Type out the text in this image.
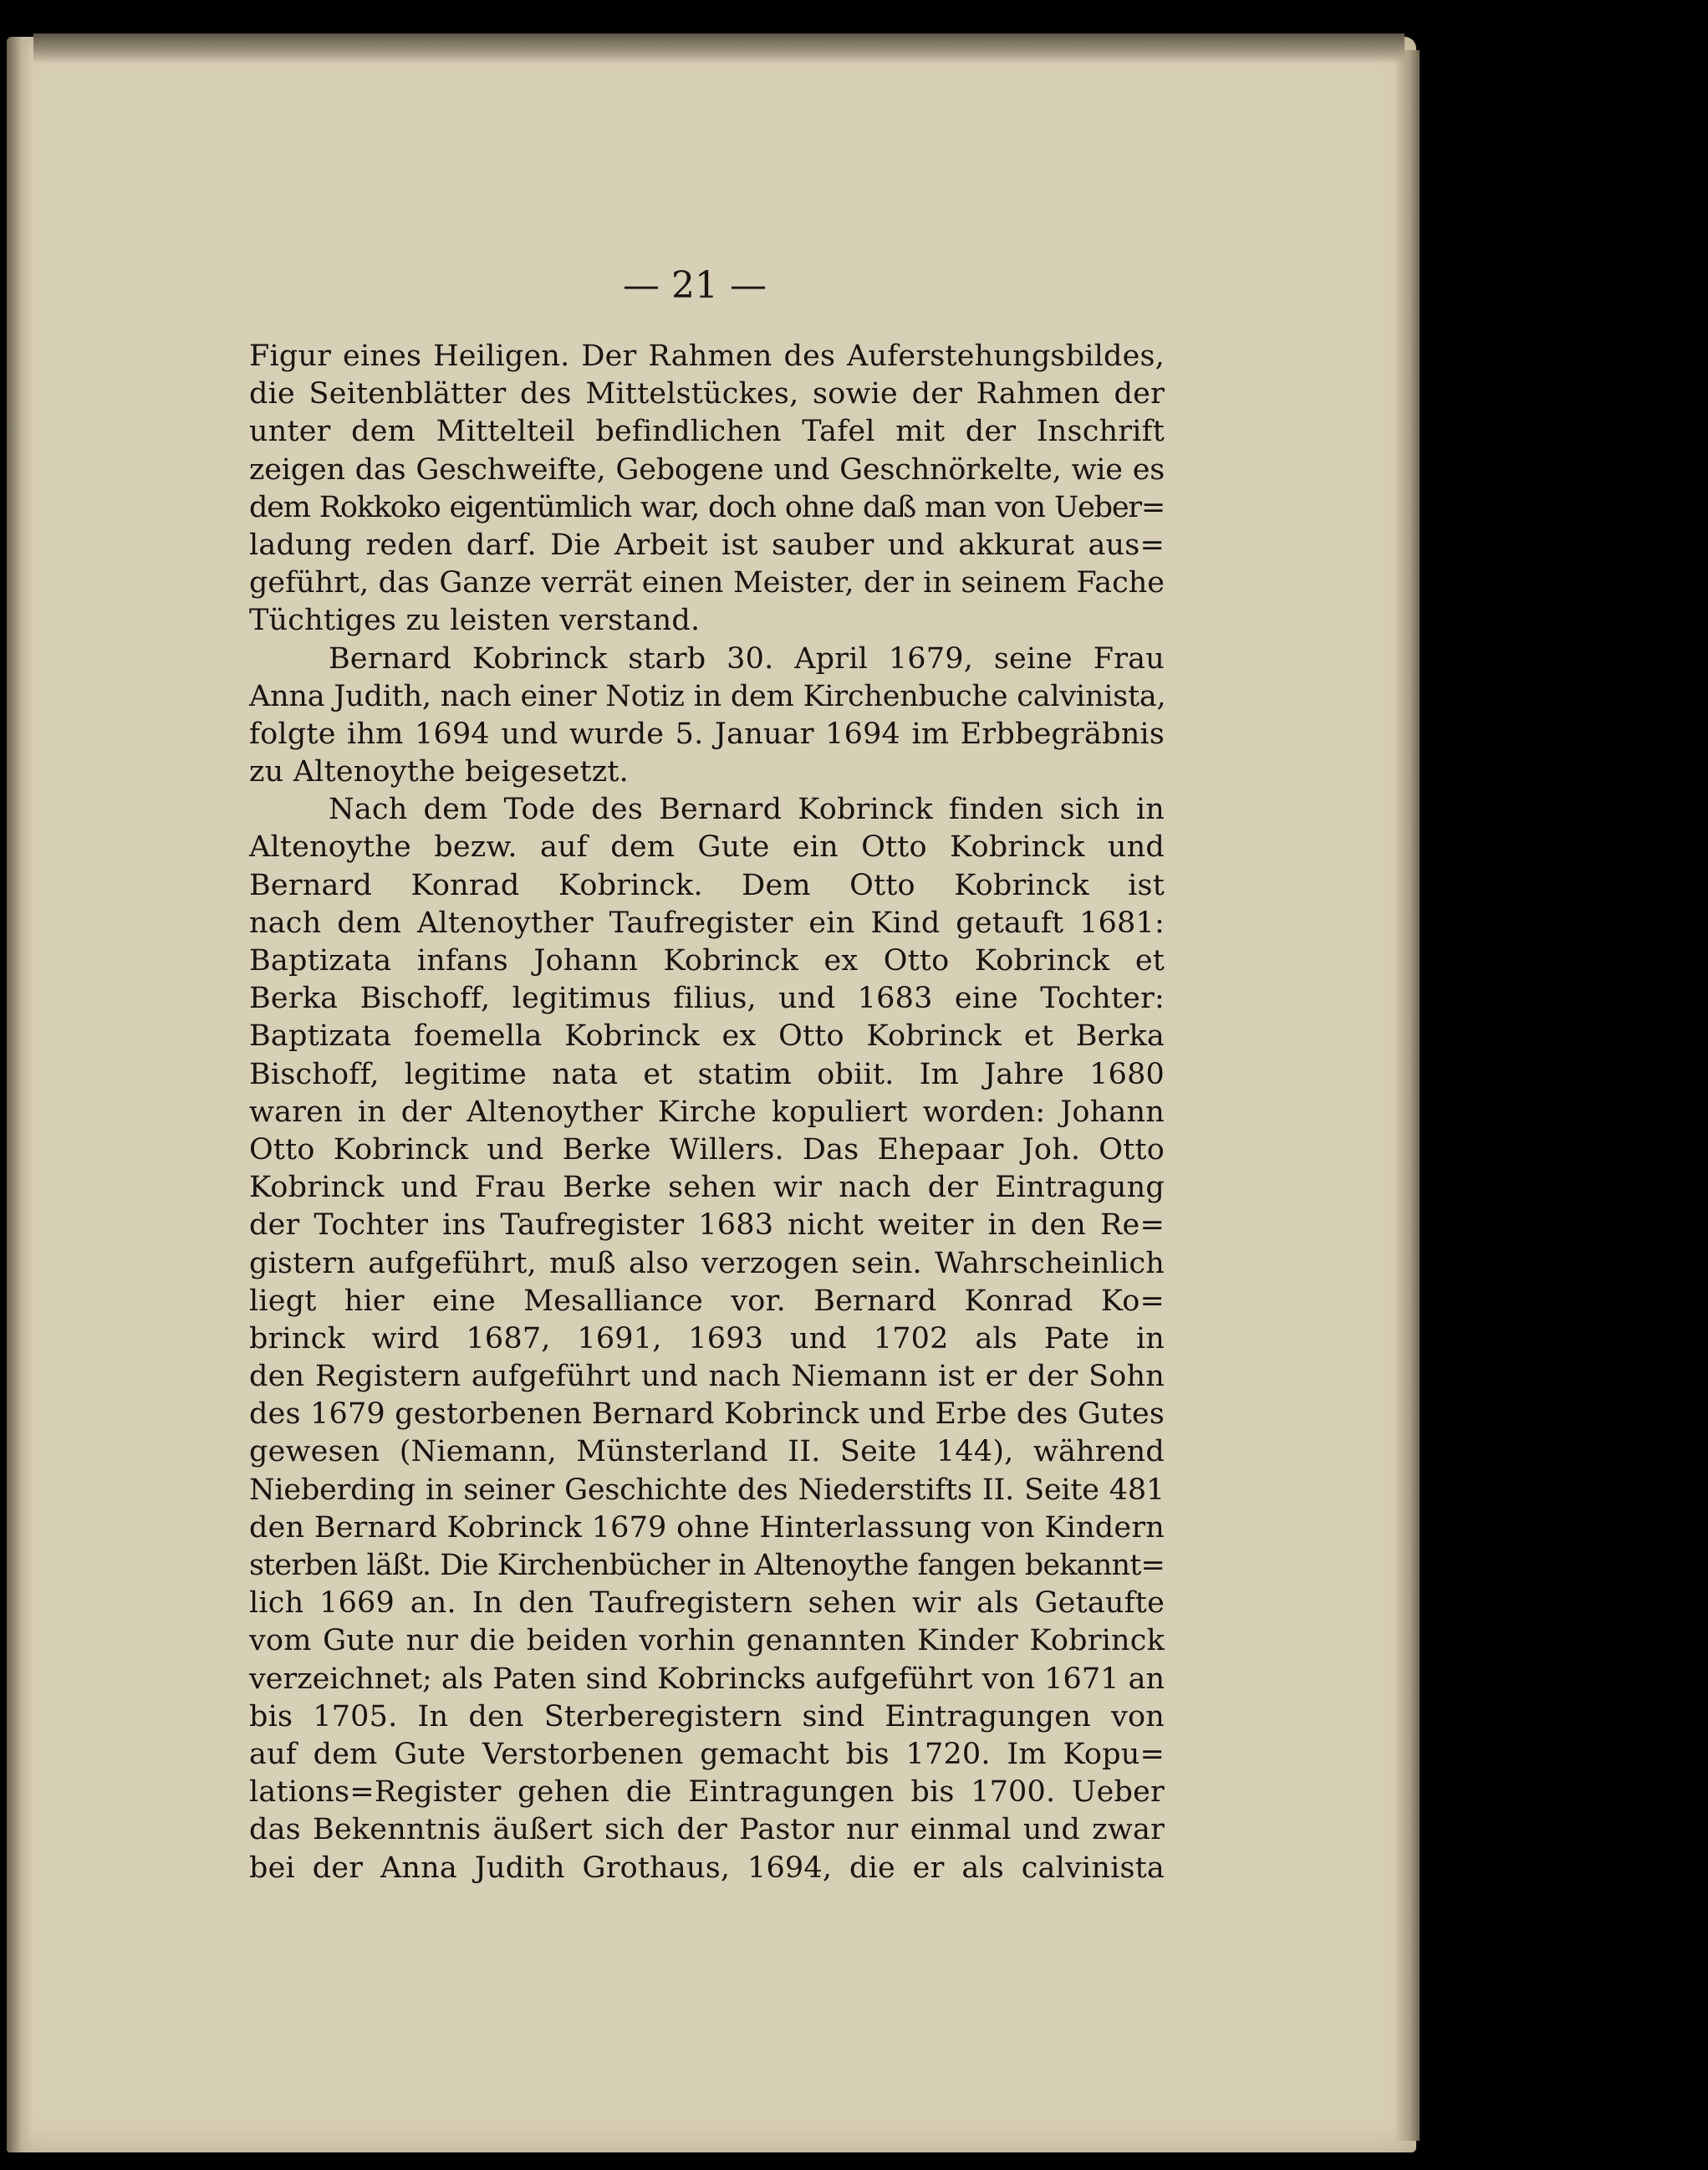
— 21 —
Figur eines Heiligen. Der Rahmen des Auferstehungsbildes,
die Seitenblätter des Mittelstückes, sowie der Rahmen der
unter dem Mittelteil befindlichen Tafel mit der Inschrift
zeigen das Geschweifte, Gebogene und Geschnörkelte, wie es
dem Rokkoko eigentümlich war, doch ohne daß man von Ueber=
ladung reden darf. Die Arbeit ist sauber und akkurat aus=
geführt, das Ganze verrät einen Meister, der in seinem Fache
Tüchtiges zu leisten verstand.
Bernard Kobrinck starb 30. April 1679, seine Frau
Anna Judith, nach einer Notiz in dem Kirchenbuche calvinista,
folgte ihm 1694 und wurde 5. Januar 1694 im Erbbegräbnis
zu Altenoythe beigesetzt.
Nach dem Tode des Bernard Kobrinck finden sich in
Altenoythe bezw. auf dem Gute ein Otto Kobrinck und
Bernard Konrad Kobrinck. Dem Otto Kobrinck ist
nach dem Altenoyther Taufregister ein Kind getauft 1681:
Baptizata infans Johann Kobrinck ex Otto Kobrinck et
Berka Bischoff, legitimus filius, und 1683 eine Tochter:
Baptizata foemella Kobrinck ex Otto Kobrinck et Berka
Bischoff, legitime nata et statim obiit. Im Jahre 1680
waren in der Altenoyther Kirche kopuliert worden: Johann
Otto Kobrinck und Berke Willers. Das Ehepaar Joh. Otto
Kobrinck und Frau Berke sehen wir nach der Eintragung
der Tochter ins Taufregister 1683 nicht weiter in den Re=
gistern aufgeführt, muß also verzogen sein. Wahrscheinlich
liegt hier eine Mesalliance vor. Bernard Konrad Ko=
brinck wird 1687, 1691, 1693 und 1702 als Pate in
den Registern aufgeführt und nach Niemann ist er der Sohn
des 1679 gestorbenen Bernard Kobrinck und Erbe des Gutes
gewesen (Niemann, Münsterland II. Seite 144), während
Nieberding in seiner Geschichte des Niederstifts II. Seite 481
den Bernard Kobrinck 1679 ohne Hinterlassung von Kindern
sterben läßt. Die Kirchenbücher in Altenoythe fangen bekannt=
lich 1669 an. In den Taufregistern sehen wir als Getaufte
vom Gute nur die beiden vorhin genannten Kinder Kobrinck
verzeichnet; als Paten sind Kobrincks aufgeführt von 1671 an
bis 1705. In den Sterberegistern sind Eintragungen von
auf dem Gute Verstorbenen gemacht bis 1720. Im Kopu=
lations=Register gehen die Eintragungen bis 1700. Ueber
das Bekenntnis äußert sich der Pastor nur einmal und zwar
bei der Anna Judith Grothaus, 1694, die er als calvinista
